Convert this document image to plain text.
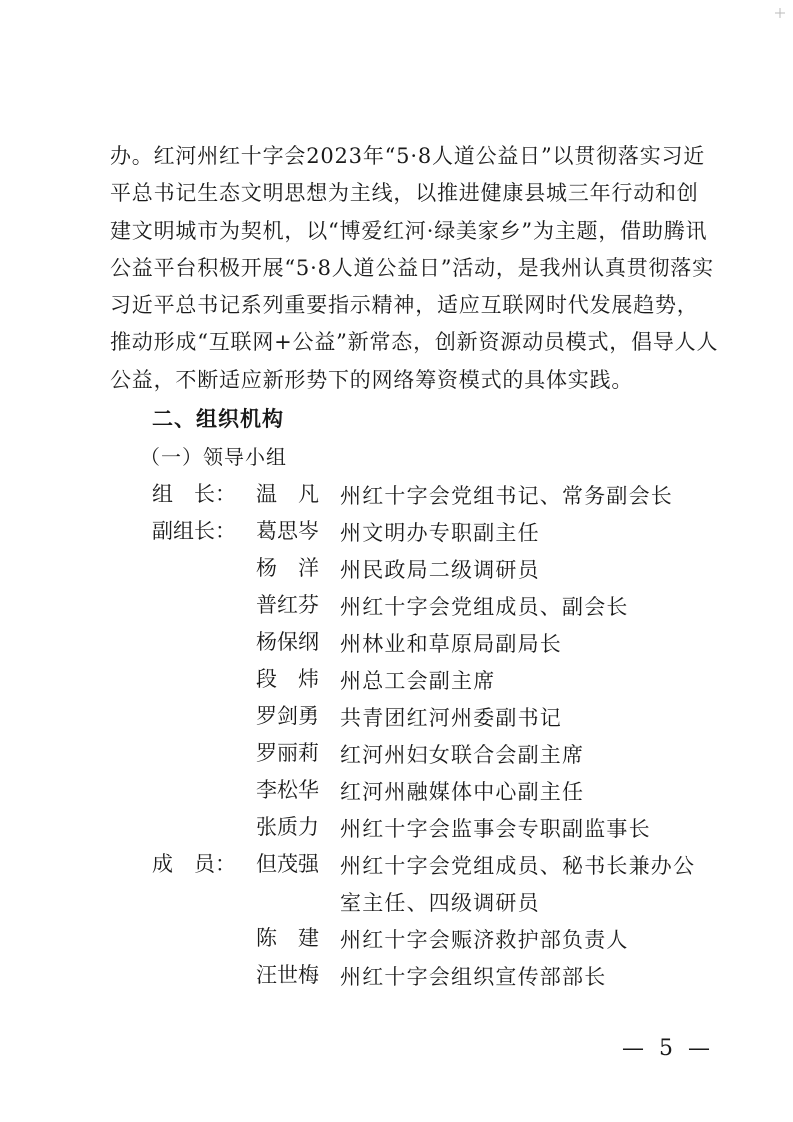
办。红河州红十字会2023年“5·8人道公益日”以贯彻落实习近
平总书记生态文明思想为主线，以推进健康县城三年行动和创
建文明城市为契机，以“博爱红河·绿美家乡”为主题，借助腾讯
公益平台积极开展“5·8人道公益日”活动，是我州认真贯彻落实
习近平总书记系列重要指示精神，适应互联网时代发展趋势，
推动形成“互联网+公益”新常态，创新资源动员模式，倡导人人
公益，不断适应新形势下的网络筹资模式的具体实践。
二、组织机构
（一）领导小组
组　长： 温　凡 州红十字会党组书记、常务副会长
副组长： 葛思岑 州文明办专职副主任
杨　洋 州民政局二级调研员
普红芬 州红十字会党组成员、副会长
杨保纲 州林业和草原局副局长
段　炜 州总工会副主席
罗剑勇 共青团红河州委副书记
罗丽莉 红河州妇女联合会副主席
李松华 红河州融媒体中心副主任
张质力 州红十字会监事会专职副监事长
成　员： 但茂强 州红十字会党组成员、秘书长兼办公
室主任、四级调研员
陈　建 州红十字会赈济救护部负责人
汪世梅 州红十字会组织宣传部部长
— 5 —
